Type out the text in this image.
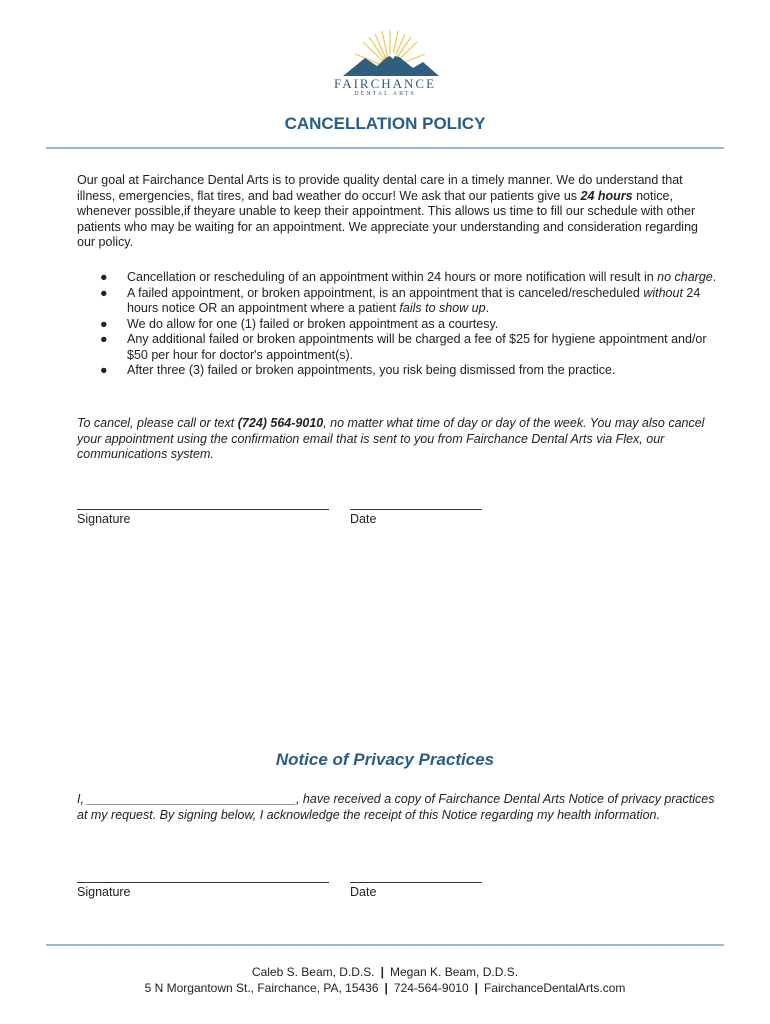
FAIRCHANCE
DENTAL ARTS
CANCELLATION POLICY

Our goal at Fairchance Dental Arts is to provide quality dental care in a timely manner. We do understand that illness, emergencies, flat tires, and bad weather do occur! We ask that our patients give us 24 hours notice, whenever possible,if theyare unable to keep their appointment. This allows us time to fill our schedule with other patients who may be waiting for an appointment. We appreciate your understanding and consideration regarding our policy.

● Cancellation or rescheduling of an appointment within 24 hours or more notification will result in no charge.
● A failed appointment, or broken appointment, is an appointment that is canceled/rescheduled without 24 hours notice OR an appointment where a patient fails to show up.
● We do allow for one (1) failed or broken appointment as a courtesy.
● Any additional failed or broken appointments will be charged a fee of $25 for hygiene appointment and/or $50 per hour for doctor's appointment(s).
● After three (3) failed or broken appointments, you risk being dismissed from the practice.

To cancel, please call or text (724) 564-9010, no matter what time of day or day of the week. You may also cancel your appointment using the confirmation email that is sent to you from Fairchance Dental Arts via Flex, our communications system.

Signature	Date
Notice of Privacy Practices

I, ______________________________, have received a copy of Fairchance Dental Arts Notice of privacy practices at my request. By signing below, I acknowledge the receipt of this Notice regarding my health information.

Signature	Date
Caleb S. Beam, D.D.S. | Megan K. Beam, D.D.S.
5 N Morgantown St., Fairchance, PA, 15436 | 724-564-9010 | FairchanceDentalArts.com
